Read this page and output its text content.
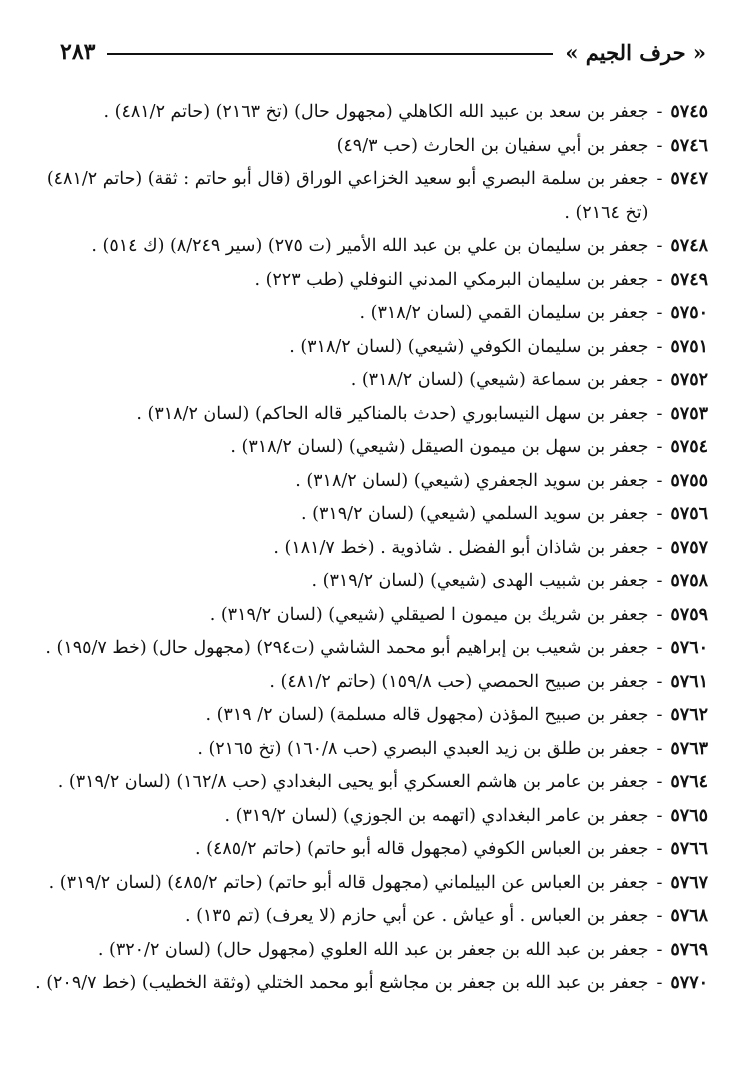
« حرف الجيم »
٢٨٣
٥٧٤٥
-
جعفر بن سعد بن عبيد الله الكاهلي (مجهول حال) (تخ ٢١٦٣) (حاتم ٤٨١/٢) .
٥٧٤٦
-
جعفر بن أبي سفيان بن الحارث (حب ٤٩/٣)
٥٧٤٧
-
جعفر بن سلمة البصري أبو سعيد الخزاعي الوراق (قال أبو حاتم : ثقة) (حاتم ٤٨١/٢) (تخ ٢١٦٤) .
٥٧٤٨
-
جعفر بن سليمان بن علي بن عبد الله الأمير (ت ٢٧٥) (سير ٨/٢٤٩) (ك ٥١٤) .
٥٧٤٩
-
جعفر بن سليمان البرمكي المدني النوفلي (طب ٢٢٣) .
٥٧٥٠
-
جعفر بن سليمان القمي (لسان ٣١٨/٢) .
٥٧٥١
-
جعفر بن سليمان الكوفي (شيعي) (لسان ٣١٨/٢) .
٥٧٥٢
-
جعفر بن سماعة (شيعي) (لسان ٣١٨/٢) .
٥٧٥٣
-
جعفر بن سهل النيسابوري (حدث بالمناكير قاله الحاكم) (لسان ٣١٨/٢) .
٥٧٥٤
-
جعفر بن سهل بن ميمون الصيقل (شيعي) (لسان ٣١٨/٢) .
٥٧٥٥
-
جعفر بن سويد الجعفري (شيعي) (لسان ٣١٨/٢) .
٥٧٥٦
-
جعفر بن سويد السلمي (شيعي) (لسان ٣١٩/٢) .
٥٧٥٧
-
جعفر بن شاذان أبو الفضل . شاذوية . (خط ١٨١/٧) .
٥٧٥٨
-
جعفر بن شبيب الهدى (شيعي) (لسان ٣١٩/٢) .
٥٧٥٩
-
جعفر بن شريك بن ميمون ا لصيقلي (شيعي) (لسان ٣١٩/٢) .
٥٧٦٠
-
جعفر بن شعيب بن إبراهيم أبو محمد الشاشي (ت٢٩٤) (مجهول حال) (خط ١٩٥/٧) .
٥٧٦١
-
جعفر بن صبيح الحمصي (حب ١٥٩/٨) (حاتم ٤٨١/٢) .
٥٧٦٢
-
جعفر بن صبيح المؤذن (مجهول قاله مسلمة) (لسان ٢/ ٣١٩) .
٥٧٦٣
-
جعفر بن طلق بن زيد العبدي البصري (حب ١٦٠/٨) (تخ ٢١٦٥) .
٥٧٦٤
-
جعفر بن عامر بن هاشم العسكري أبو يحيى البغدادي (حب ١٦٢/٨) (لسان ٣١٩/٢) .
٥٧٦٥
-
جعفر بن عامر البغدادي (اتهمه بن الجوزي) (لسان ٣١٩/٢) .
٥٧٦٦
-
جعفر بن العباس الكوفي (مجهول قاله أبو حاتم) (حاتم ٤٨٥/٢) .
٥٧٦٧
-
جعفر بن العباس عن البيلماني (مجهول قاله أبو حاتم) (حاتم ٤٨٥/٢) (لسان ٣١٩/٢) .
٥٧٦٨
-
جعفر بن العباس . أو عياش . عن أبي حازم (لا يعرف) (تم ١٣٥) .
٥٧٦٩
-
جعفر بن عبد الله بن جعفر بن عبد الله العلوي (مجهول حال) (لسان ٣٢٠/٢) .
٥٧٧٠
-
جعفر بن عبد الله بن جعفر بن مجاشع أبو محمد الختلي (وثقة الخطيب) (خط ٢٠٩/٧) .
